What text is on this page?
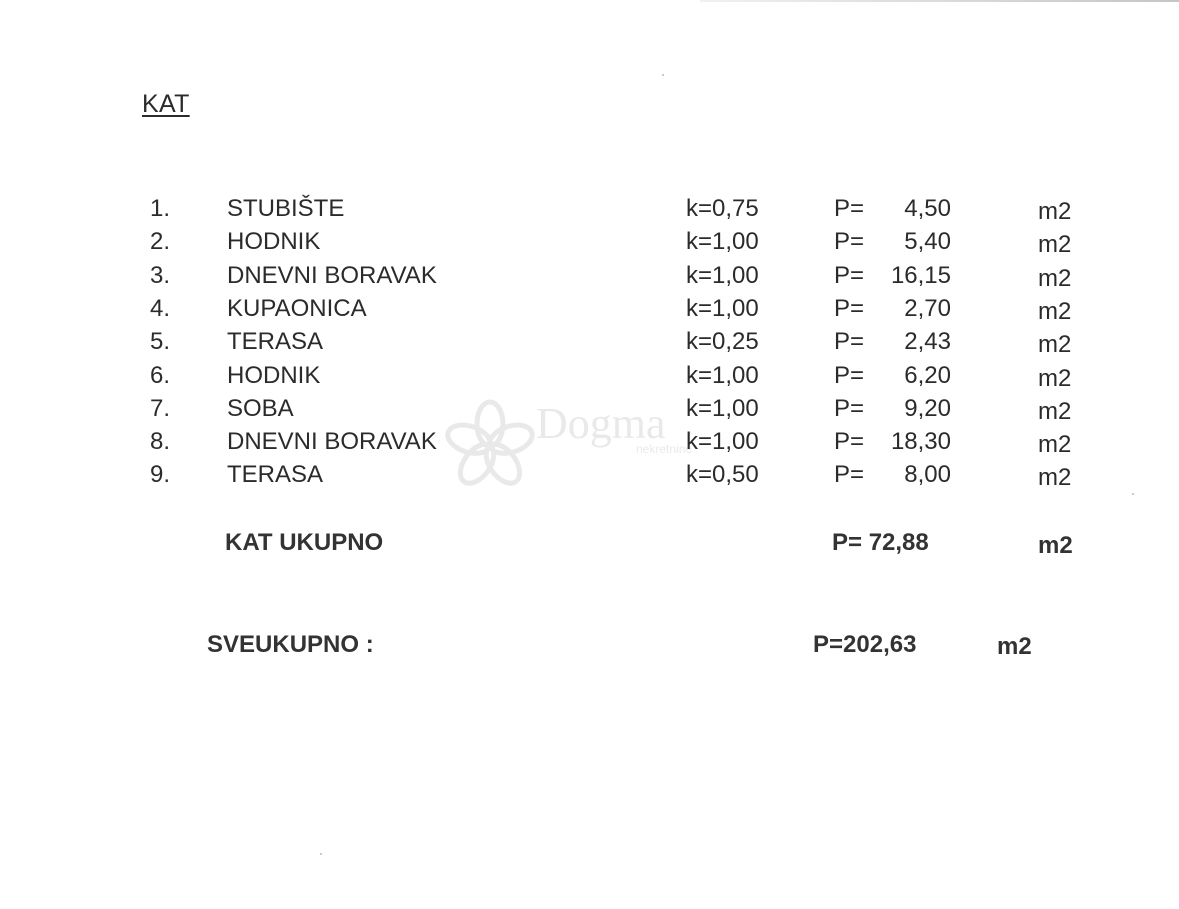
KAT
1.	STUBIŠTE	k=0,75	P= 4,50	m2
2.	HODNIK	k=1,00	P= 5,40	m2
3.	DNEVNI BORAVAK	k=1,00	P= 16,15	m2
4.	KUPAONICA	k=1,00	P= 2,70	m2
5.	TERASA	k=0,25	P= 2,43	m2
6.	HODNIK	k=1,00	P= 6,20	m2
7.	SOBA	k=1,00	P= 9,20	m2
8.	DNEVNI BORAVAK	k=1,00	P= 18,30	m2
9.	TERASA	k=0,50	P= 8,00	m2
KAT UKUPNO	P= 72,88	m2
SVEUKUPNO :	P=202,63	m2
Dogma
nekretnine
